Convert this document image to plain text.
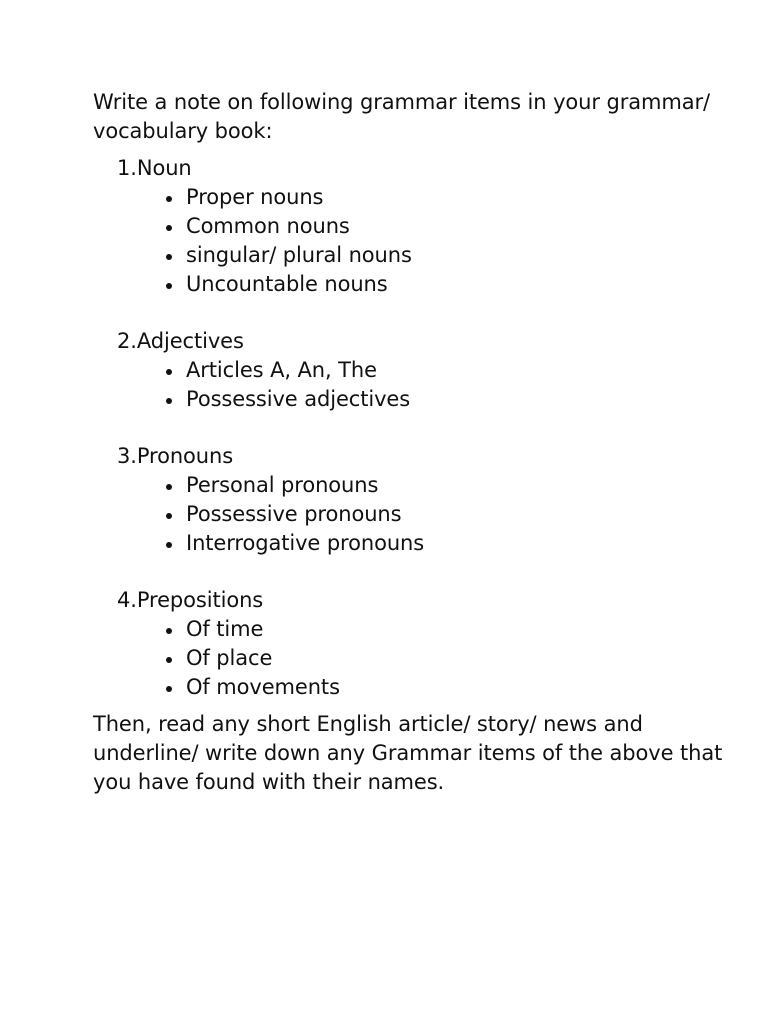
Write a note on following grammar items in your grammar/ vocabulary book:

1.Noun

Proper nouns
Common nouns
singular/ plural nouns
Uncountable nouns

2.Adjectives

Articles A, An, The
Possessive adjectives

3.Pronouns

Personal pronouns
Possessive pronouns
Interrogative pronouns

4.Prepositions

Of time
Of place
Of movements

Then, read any short English article/ story/ news and underline/ write down any Grammar items of the above that you have found with their names.
